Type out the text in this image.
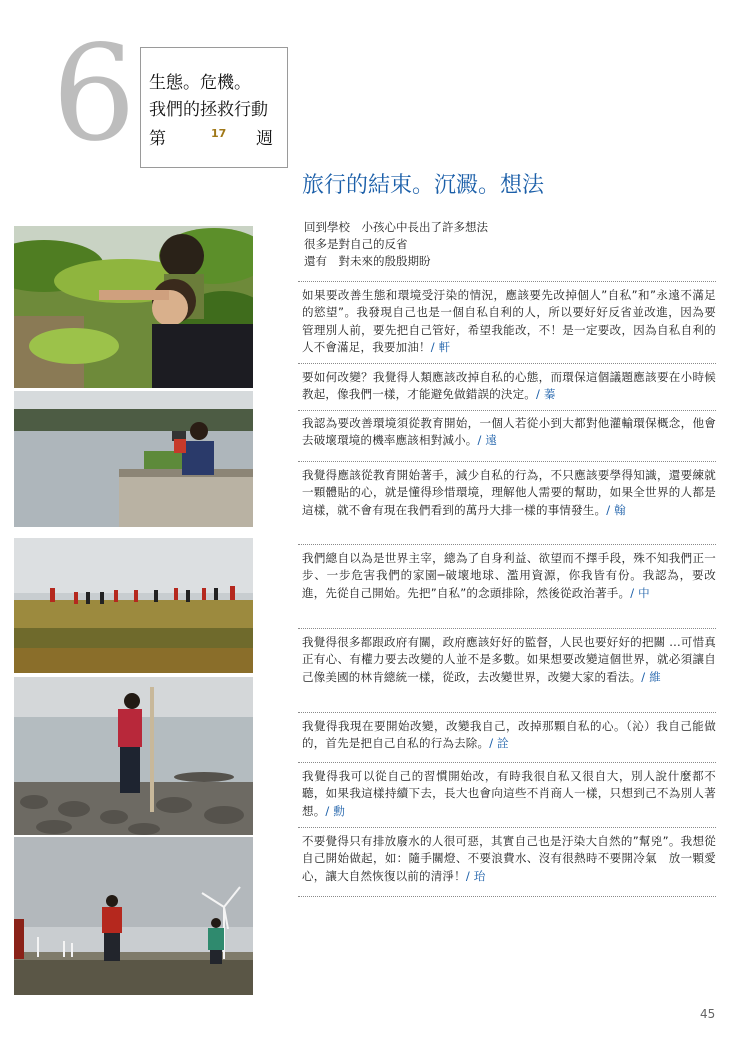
6 生態。危機。
我們的拯救行動
第	17 週
旅行的結束。沉澱。想法
回到學校　小孩心中長出了許多想法
很多是對自己的反省
還有　對未來的殷殷期盼
如果要改善生態和環境受汙染的情況，應該要先改掉個人”自私”和”永遠不滿足的慾望”。我發現自己也是一個自私自利的人，所以要好好反省並改進，因為要管理別人前，要先把自己管好，希望我能改，不！是一定要改，因為自私自利的人不會滿足，我要加油！/ 軒
要如何改變？我覺得人類應該改掉自私的心態，而環保這個議題應該要在小時候教起，像我們一樣，才能避免做錯誤的決定。/ 蓁
我認為要改善環境須從教育開始，一個人若從小到大都對他灌輸環保概念，他會去破壞環境的機率應該相對減小。/ 遠
我覺得應該從教育開始著手，減少自私的行為，不只應該要學得知識，還要練就一顆體貼的心，就是懂得珍惜環境，理解他人需要的幫助，如果全世界的人都是這樣，就不會有現在我們看到的萬丹大排一樣的事情發生。/ 翰
我們總自以為是世界主宰，總為了自身利益、欲望而不擇手段，殊不知我們正一步、一步危害我們的家園─破壞地球、濫用資源，你我皆有份。我認為，要改進，先從自己開始。先把”自私”的念頭排除，然後從政治著手。/ 中
我覺得很多都跟政府有關，政府應該好好的監督，人民也要好好的把關 ...可惜真正有心、有權力要去改變的人並不是多數。如果想要改變這個世界，就必須讓自己像美國的林肯總統一樣，從政，去改變世界，改變大家的看法。/ 維
我覺得我現在要開始改變，改變我自己，改掉那顆自私的心。（沁）我自己能做的，首先是把自己自私的行為去除。/ 詮
我覺得我可以從自己的習慣開始改，有時我很自私又很自大，別人說什麼都不聽，如果我這樣持續下去，長大也會向這些不肖商人一樣，只想到己不為別人著想。/ 勳
不要覺得只有排放廢水的人很可惡，其實自己也是汙染大自然的”幫兇”。我想從自己開始做起，如：隨手關燈、不要浪費水、沒有很熱時不要開冷氣　放一顆愛心，讓大自然恢復以前的清淨！/ 珆
45
